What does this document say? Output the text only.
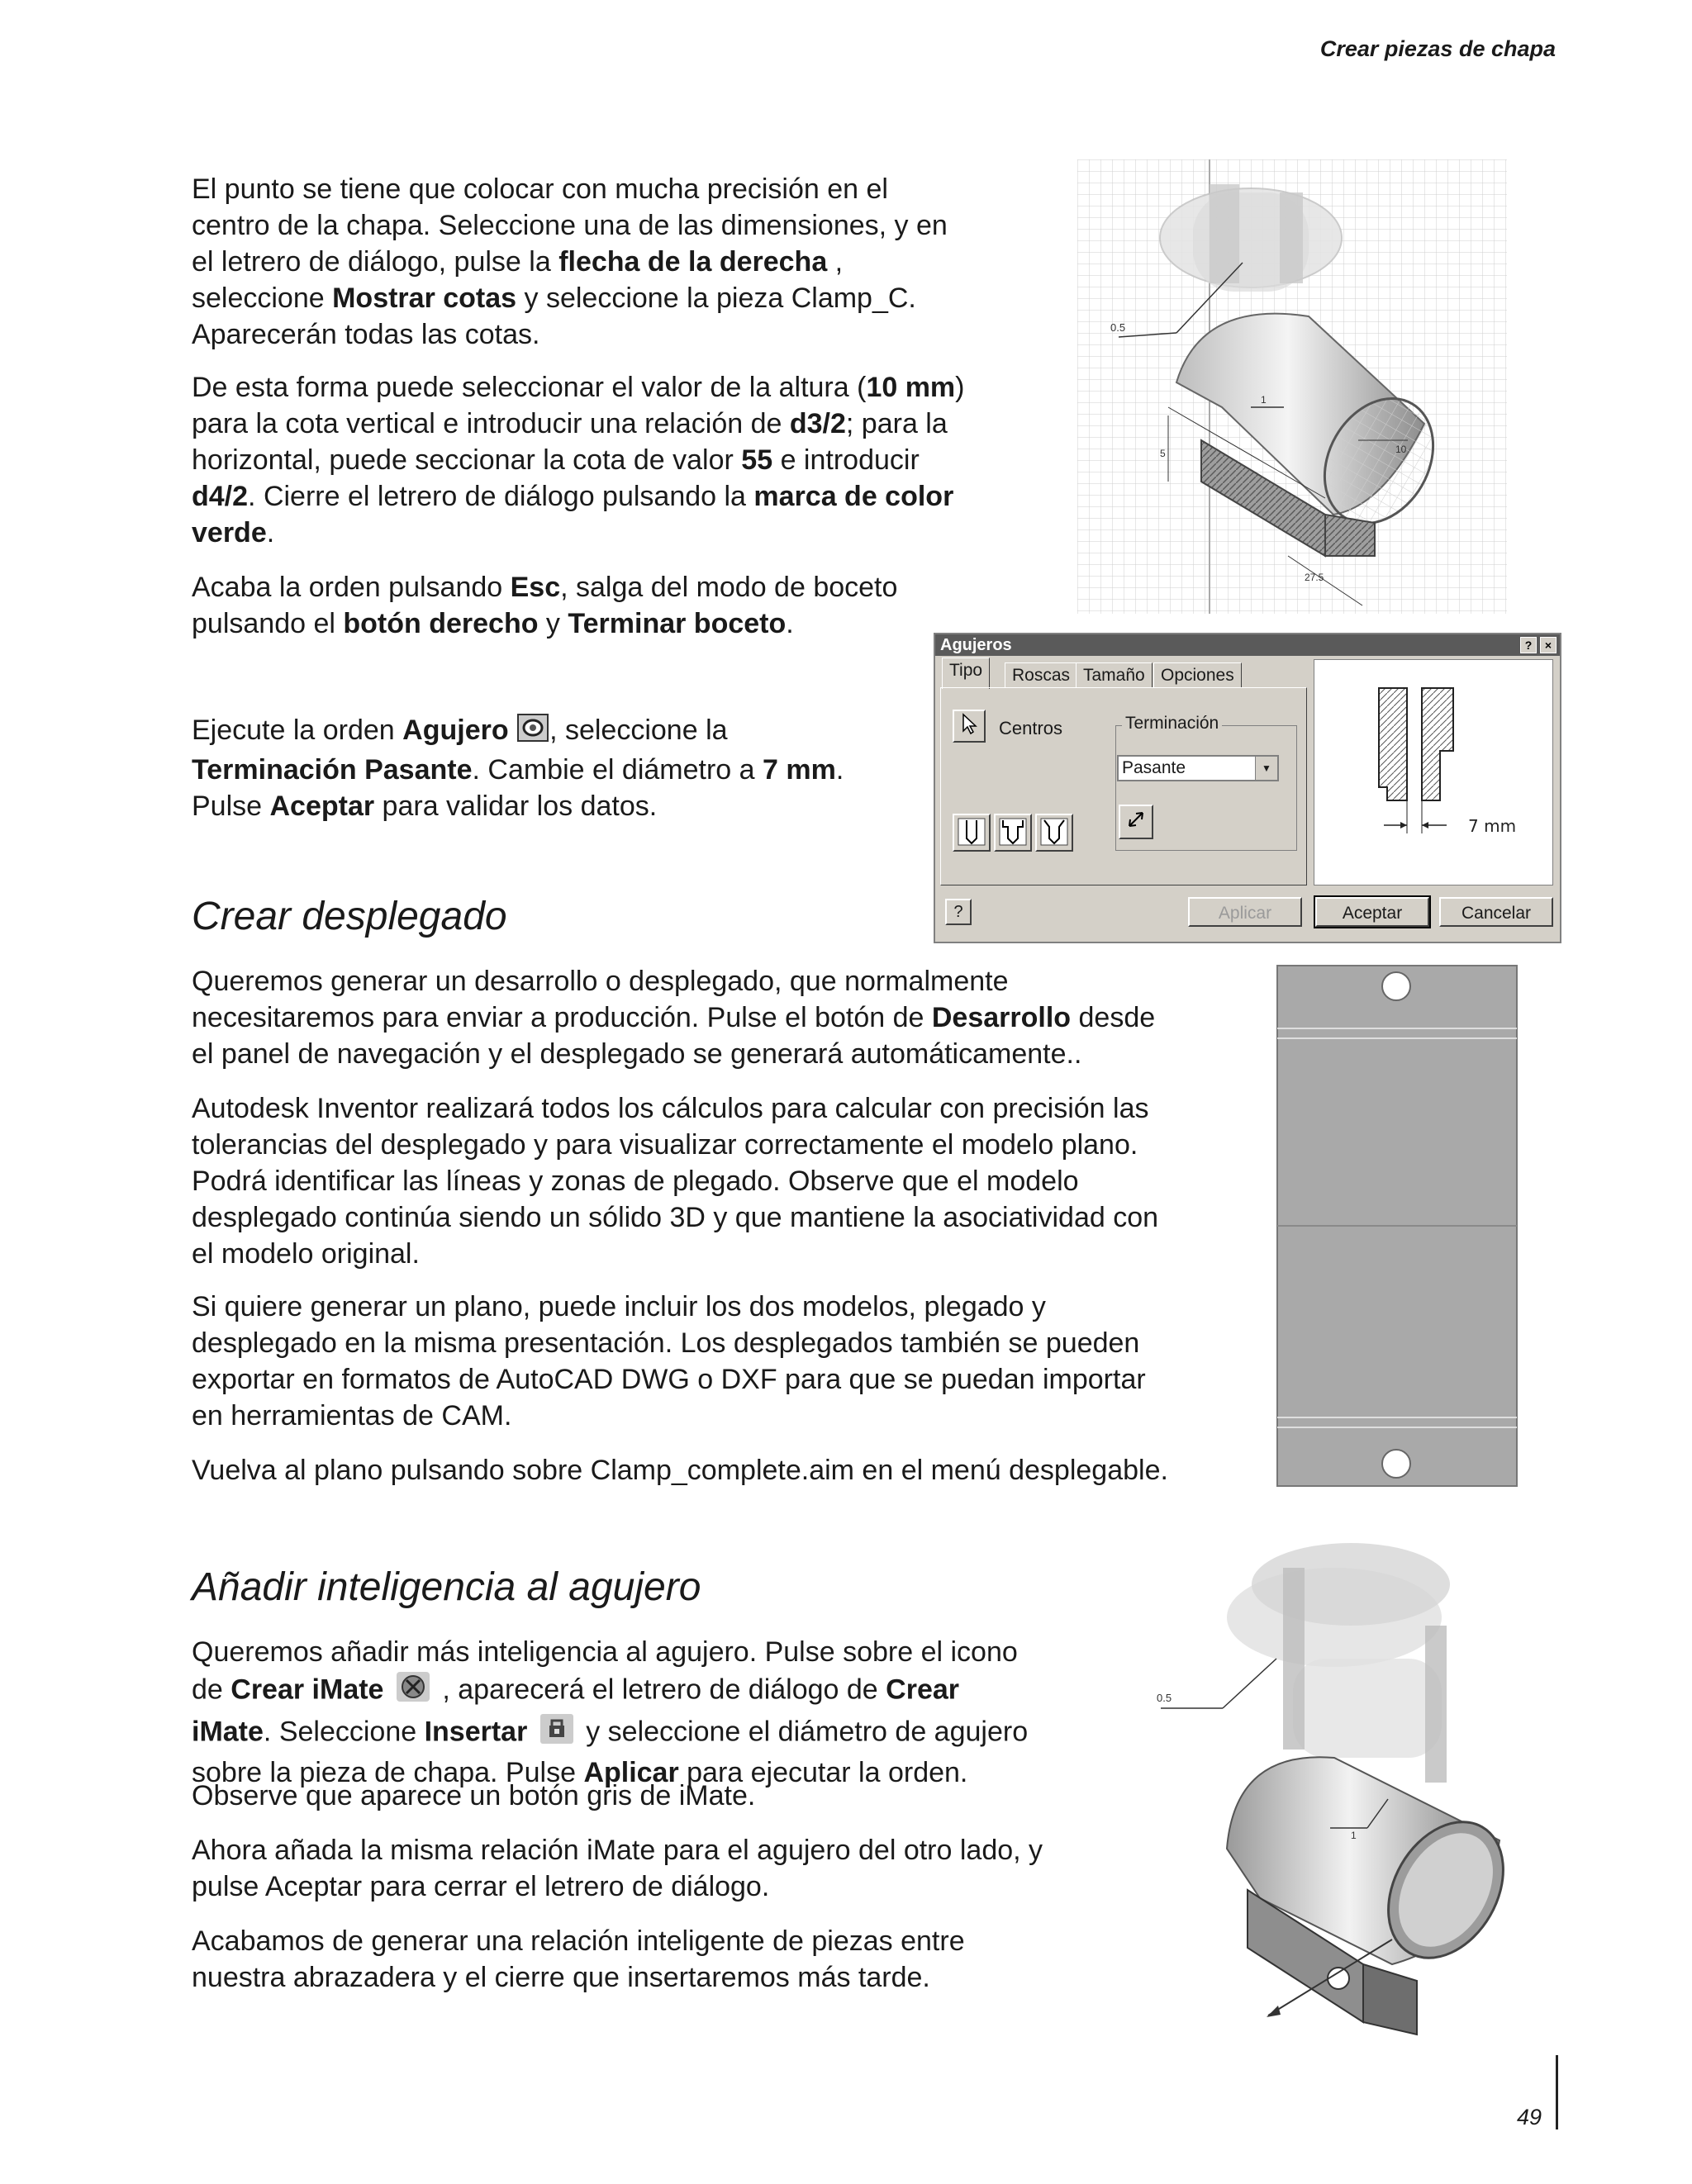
Crear piezas de chapa
El punto se tiene que colocar con mucha precisión en el
centro de la chapa. Seleccione una de las dimensiones, y en
el letrero de diálogo, pulse la flecha de la derecha ,
seleccione Mostrar cotas y seleccione la pieza Clamp_C.
Aparecerán todas las cotas.
De esta forma puede seleccionar el valor de la altura (10 mm)
para la cota vertical e introducir una relación de d3/2; para la
horizontal, puede seccionar la cota de valor 55 e introducir
d4/2. Cierre el letrero de diálogo pulsando la marca de color
verde.
Acaba la orden pulsando Esc, salga del modo de boceto
pulsando el botón derecho y Terminar boceto.
Ejecute la orden Agujero , seleccione la
Terminación Pasante. Cambie el diámetro a 7 mm.
Pulse Aceptar para validar los datos.
0.5
1
5
27.5
10
Agujeros	?	×
Tipo	Roscas Tamaño Opciones
Centros	Terminación
Pasante	▼
7 mm
?	Aplicar	Aceptar	Cancelar
Crear desplegado
Queremos generar un desarrollo o desplegado, que normalmente
necesitaremos para enviar a producción. Pulse el botón de Desarrollo desde
el panel de navegación y el desplegado se generará automáticamente..
Autodesk Inventor realizará todos los cálculos para calcular con precisión las
tolerancias del desplegado y para visualizar correctamente el modelo plano.
Podrá identificar las líneas y zonas de plegado. Observe que el modelo
desplegado continúa siendo un sólido 3D y que mantiene la asociatividad con
el modelo original.
Si quiere generar un plano, puede incluir los dos modelos, plegado y
desplegado en la misma presentación. Los desplegados también se pueden
exportar en formatos de AutoCAD DWG o DXF para que se puedan importar
en herramientas de CAM.
Vuelva al plano pulsando sobre Clamp_complete.aim en el menú desplegable.
Añadir inteligencia al agujero
Queremos añadir más inteligencia al agujero. Pulse sobre el icono
de Crear iMate  , aparecerá el letrero de diálogo de Crear
iMate. Seleccione Insertar  y seleccione el diámetro de agujero
sobre la pieza de chapa. Pulse Aplicar para ejecutar la orden.
Observe que aparece un botón gris de iMate.
Ahora añada la misma relación iMate para el agujero del otro lado, y
pulse Aceptar para cerrar el letrero de diálogo.
Acabamos de generar una relación inteligente de piezas entre
nuestra abrazadera y el cierre que insertaremos más tarde.
0.5
1
49
